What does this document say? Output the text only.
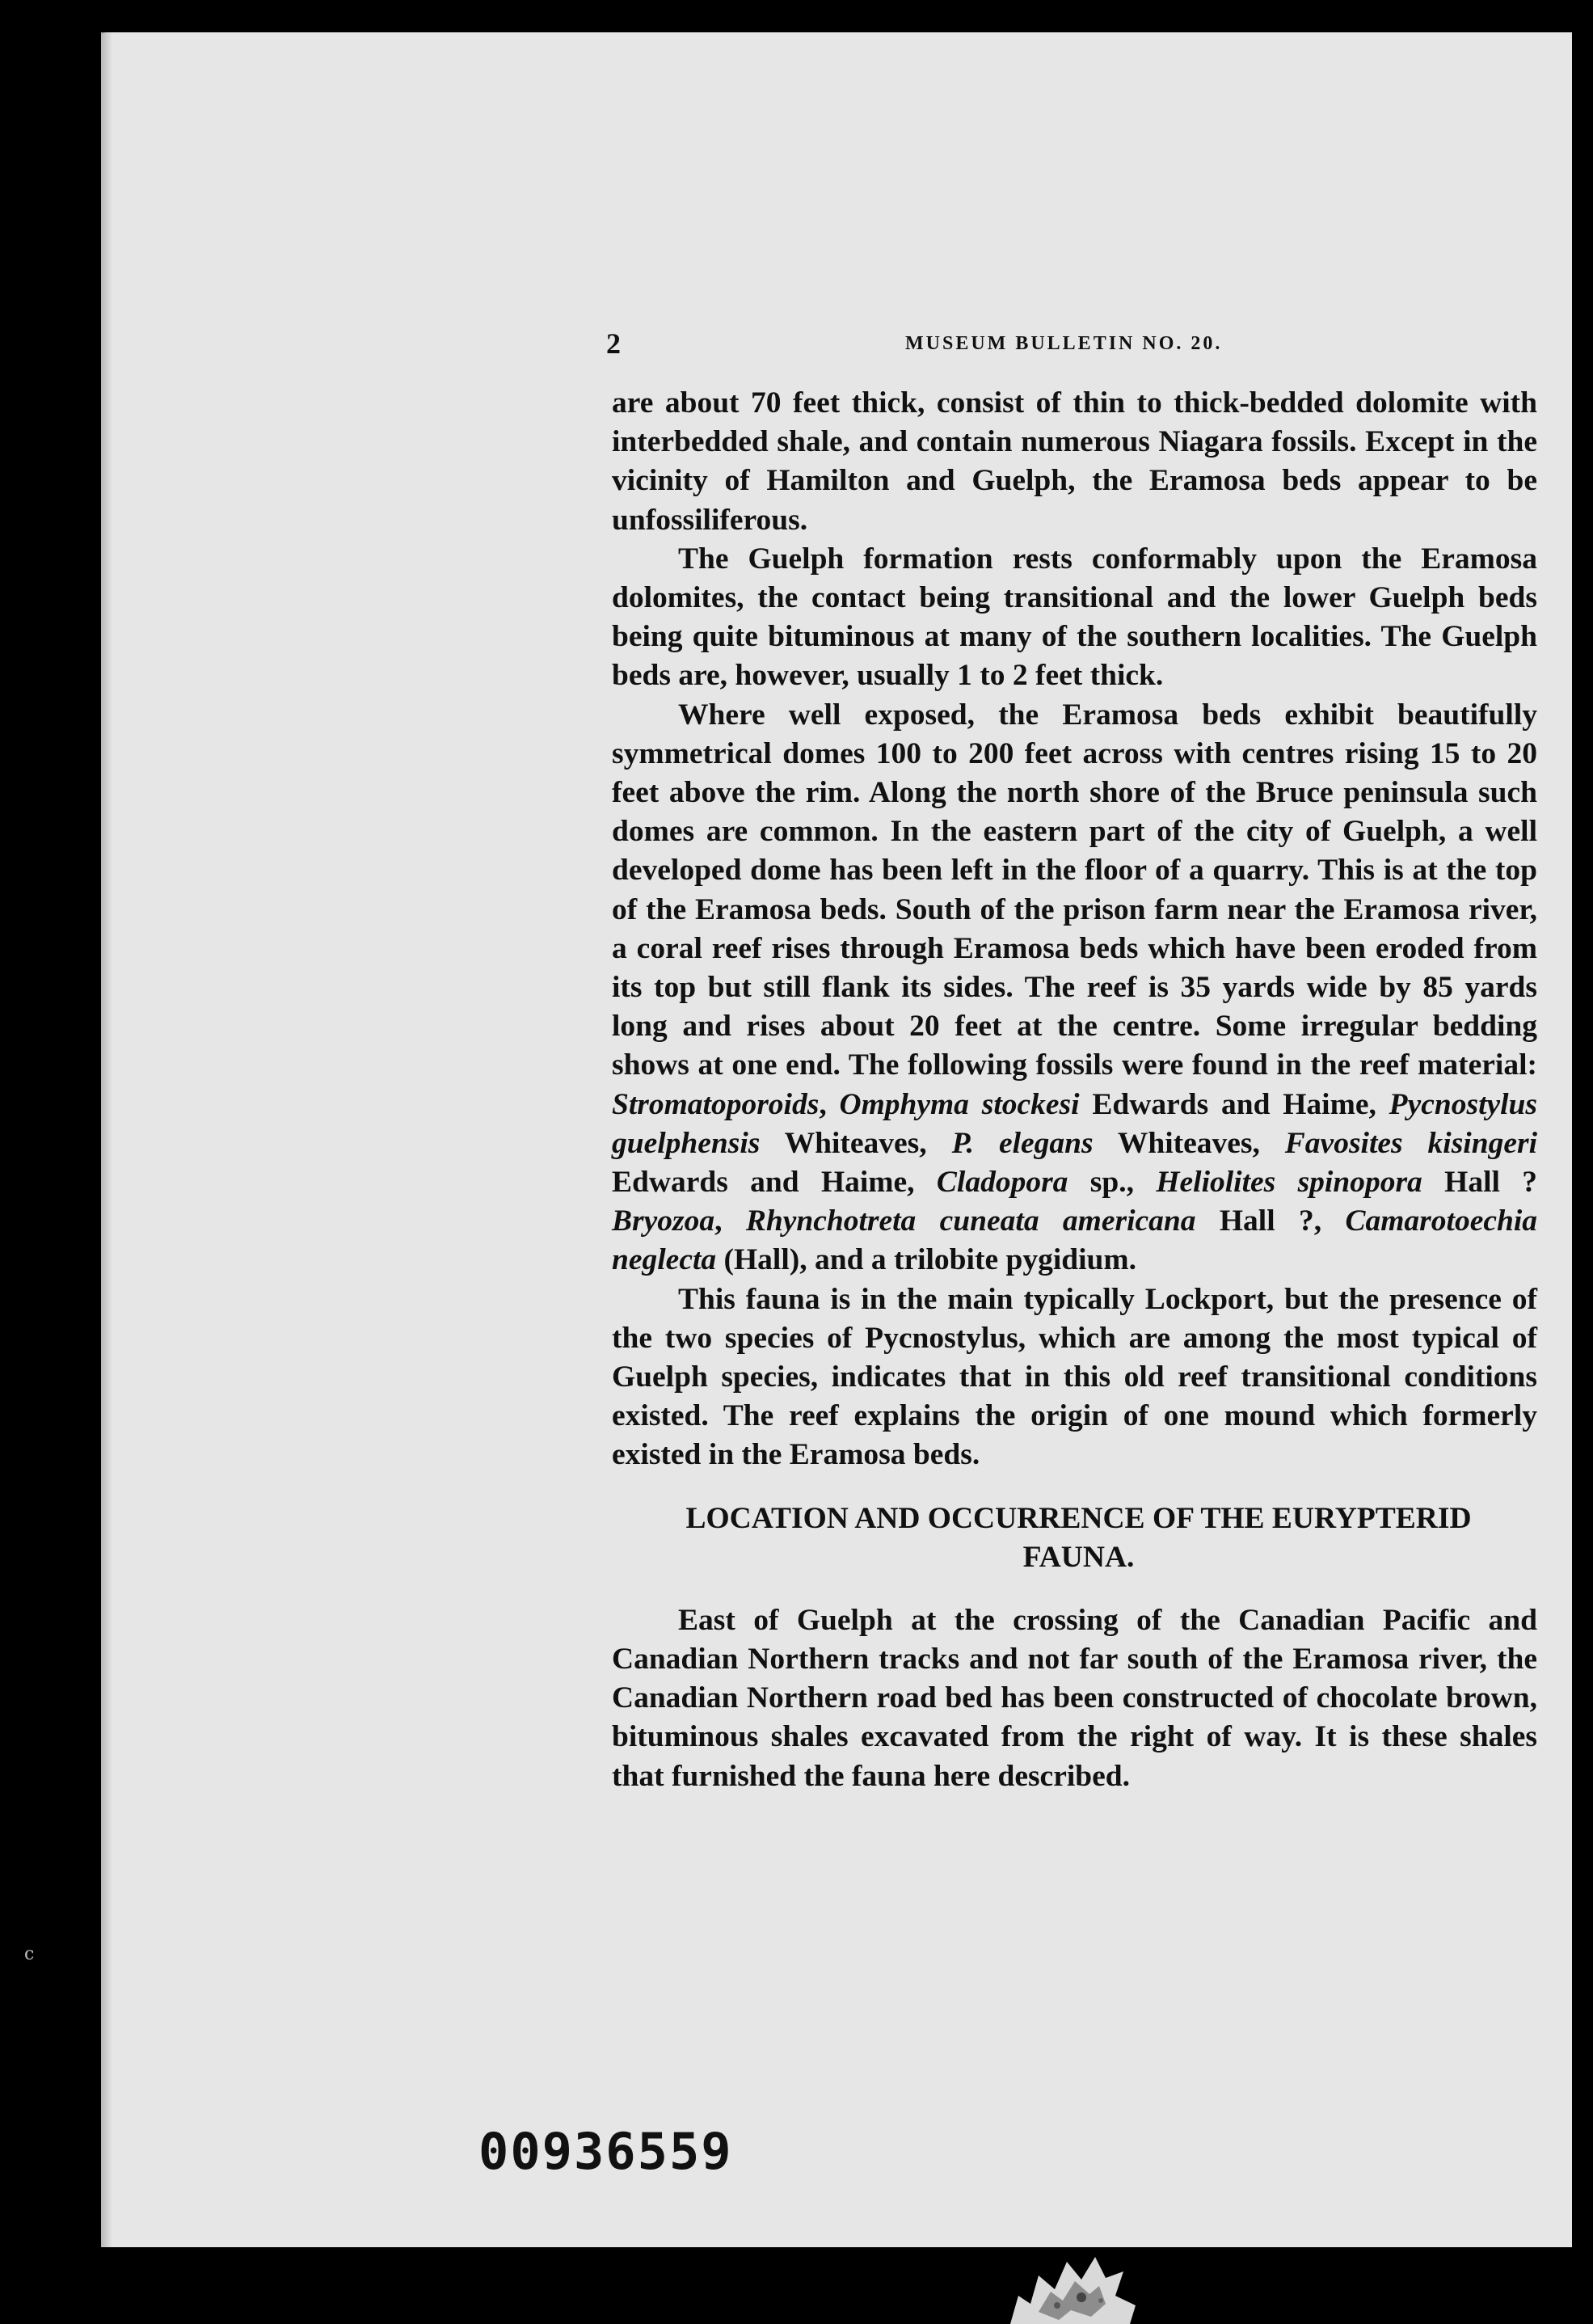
c
2	MUSEUM BULLETIN NO. 20.

are about 70 feet thick, consist of thin to thick-bedded dolomite with interbedded shale, and contain numerous Niagara fossils. Except in the vicinity of Hamilton and Guelph, the Eramosa beds appear to be unfossiliferous.

The Guelph formation rests conformably upon the Eramosa dolomites, the contact being transitional and the lower Guelph beds being quite bituminous at many of the southern localities. The Guelph beds are, however, usually 1 to 2 feet thick.

Where well exposed, the Eramosa beds exhibit beautifully symmetrical domes 100 to 200 feet across with centres rising 15 to 20 feet above the rim. Along the north shore of the Bruce peninsula such domes are common. In the eastern part of the city of Guelph, a well developed dome has been left in the floor of a quarry. This is at the top of the Eramosa beds. South of the prison farm near the Eramosa river, a coral reef rises through Eramosa beds which have been eroded from its top but still flank its sides. The reef is 35 yards wide by 85 yards long and rises about 20 feet at the centre. Some irregular bedding shows at one end. The following fossils were found in the reef material: Stromatoporoids, Omphyma stockesi Edwards and Haime, Pycnostylus guelphensis Whiteaves, P. elegans Whiteaves, Favosites kisingeri Edwards and Haime, Cladopora sp., Heliolites spinopora Hall ? Bryozoa, Rhynchotreta cuneata americana Hall ?, Camarotoechia neglecta (Hall), and a trilobite pygidium.

This fauna is in the main typically Lockport, but the presence of the two species of Pycnostylus, which are among the most typical of Guelph species, indicates that in this old reef transitional conditions existed. The reef explains the origin of one mound which formerly existed in the Eramosa beds.

LOCATION AND OCCURRENCE OF THE EURYPTERID
FAUNA.

East of Guelph at the crossing of the Canadian Pacific and Canadian Northern tracks and not far south of the Eramosa river, the Canadian Northern road bed has been constructed of chocolate brown, bituminous shales excavated from the right of way. It is these shales that furnished the fauna here described.

00936559
